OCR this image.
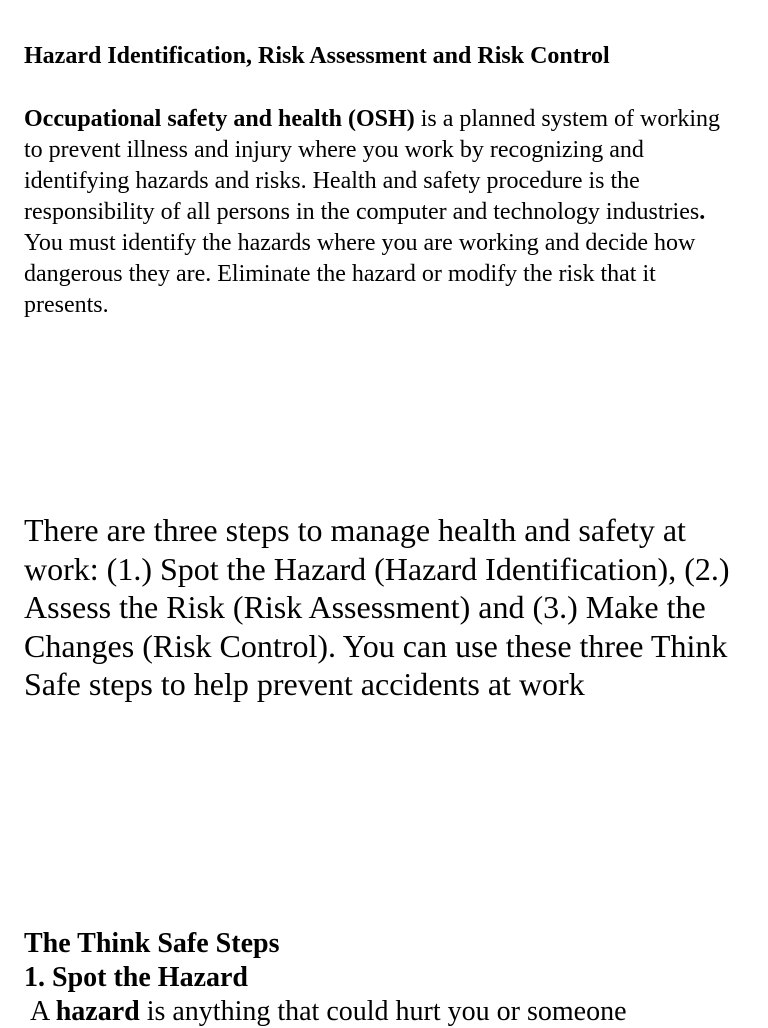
Hazard Identification, Risk Assessment and Risk Control

Occupational safety and health (OSH) is a planned system of working to prevent illness and injury where you work by recognizing and identifying hazards and risks. Health and safety procedure is the responsibility of all persons in the computer and technology industries. You must identify the hazards where you are working and decide how dangerous they are. Eliminate the hazard or modify the risk that it presents.

There are three steps to manage health and safety at work: (1.) Spot the Hazard (Hazard Identification), (2.) Assess the Risk (Risk Assessment) and (3.) Make the Changes (Risk Control). You can use these three Think Safe steps to help prevent accidents at work

The Think Safe Steps

1. Spot the Hazard

A hazard is anything that could hurt you or someone
